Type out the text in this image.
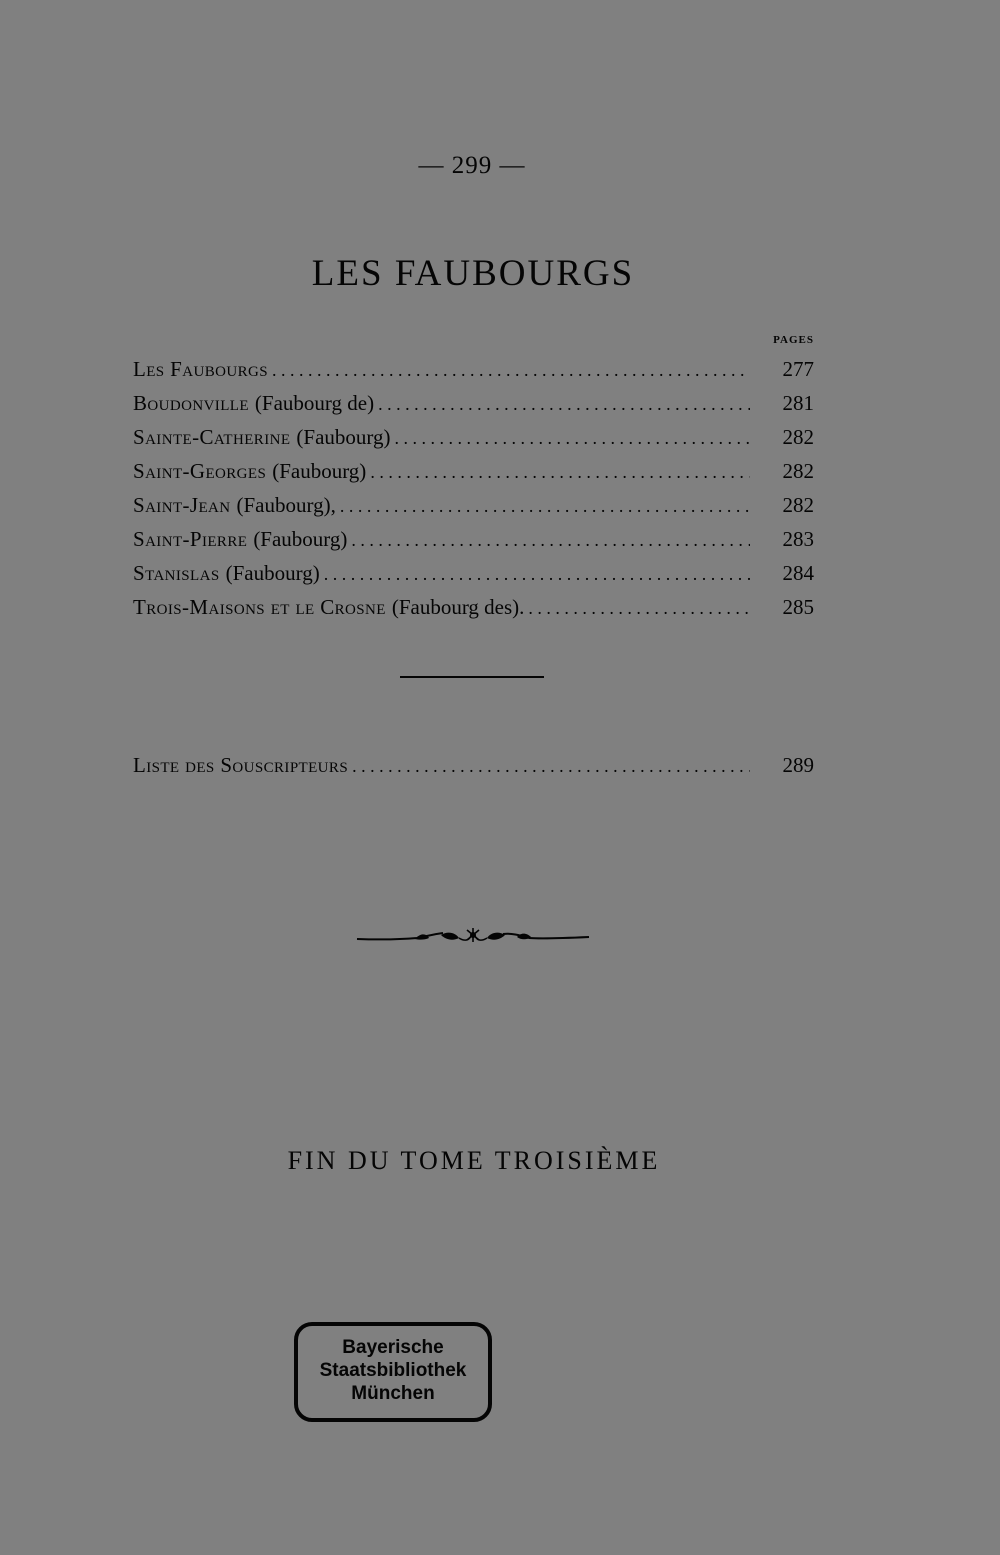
— 299 —
LES FAUBOURGS
PAGES
Les Faubourgs . . .	277
Boudonville (Faubourg de) . . .	281
Sainte-Catherine (Faubourg) . . .	282
Saint-Georges (Faubourg) . . .	282
Saint-Jean (Faubourg), . . .	282
Saint-Pierre (Faubourg) . . .	283
Stanislas (Faubourg) . . .	284
Trois-Maisons et le Crosne (Faubourg des). . . .	285
Liste des Souscripteurs . . .	289
FIN DU TOME TROISIÈME
Bayerische
Staatsbibliothek
München
